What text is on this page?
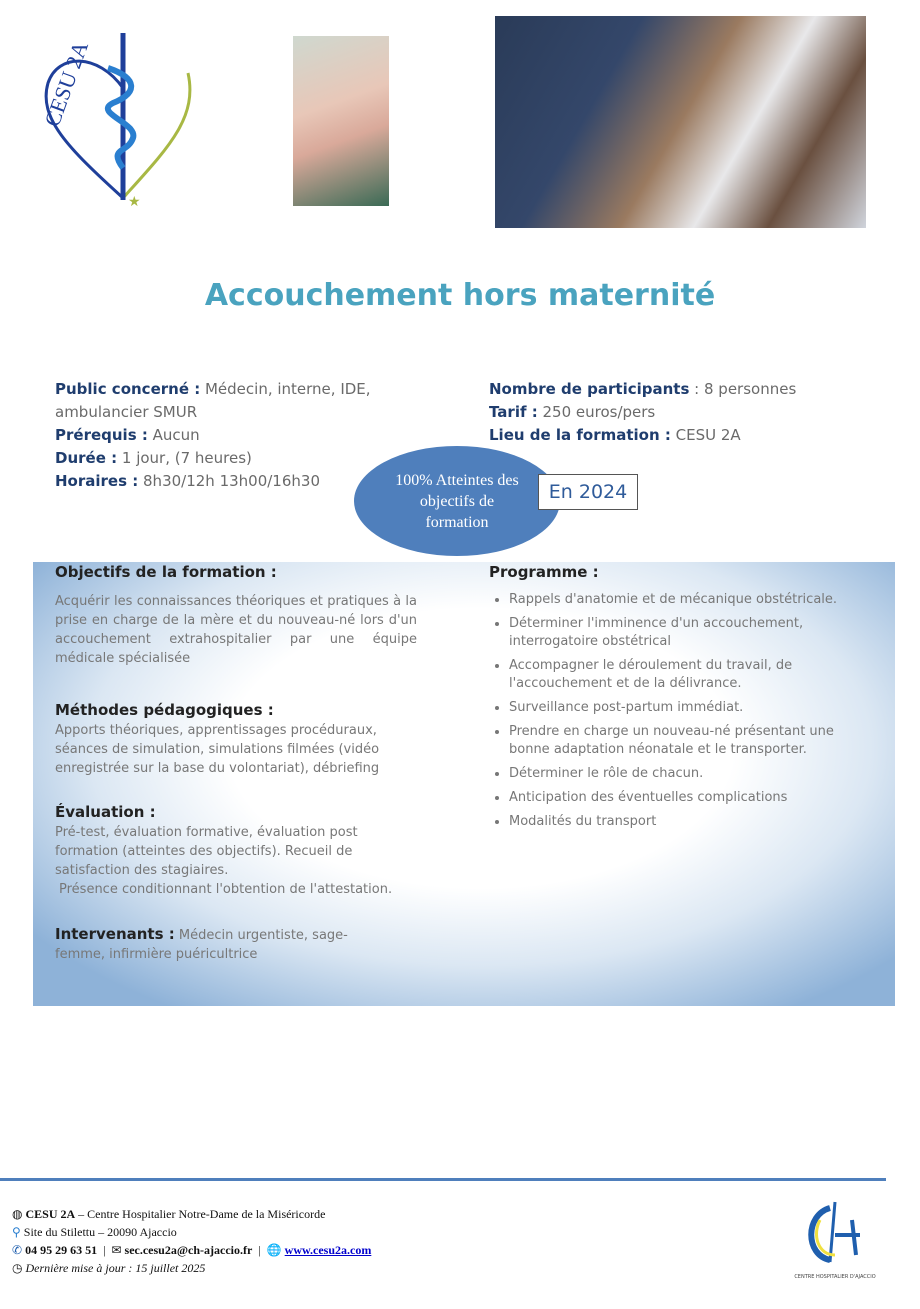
CESU 2A
★
Accouchement hors maternité
Public concerné : Médecin, interne, IDE, ambulancier SMUR
Prérequis : Aucun
Durée : 1 jour, (7 heures)
Horaires : 8h30/12h 13h00/16h30
Nombre de participants : 8 personnes
Tarif : 250 euros/pers
Lieu de la formation : CESU 2A
100% Atteintes des objectifs de formation
En 2024
Objectifs de la formation :
Acquérir les connaissances théoriques et pratiques à la prise en charge de la mère et du nouveau-né lors d'un accouchement extrahospitalier par une équipe médicale spécialisée
Méthodes pédagogiques :
Apports théoriques, apprentissages procéduraux, séances de simulation, simulations filmées (vidéo enregistrée sur la base du volontariat), débriefing
Évaluation :
Pré-test, évaluation formative, évaluation post formation (atteintes des objectifs). Recueil de satisfaction des stagiaires.
Présence conditionnant l'obtention de l'attestation.
Intervenants : Médecin urgentiste, sage-femme, infirmière puéricultrice
Programme :
• Rappels d'anatomie et de mécanique obstétricale.
• Déterminer l'imminence d'un accouchement, interrogatoire obstétrical
• Accompagner le déroulement du travail, de l'accouchement et de la délivrance.
• Surveillance post-partum immédiat.
• Prendre en charge un nouveau-né présentant une bonne adaptation néonatale et le transporter.
• Déterminer le rôle de chacun.
• Anticipation des éventuelles complications
• Modalités du transport
◍ CESU 2A – Centre Hospitalier Notre-Dame de la Miséricorde
⚲ Site du Stilettu – 20090 Ajaccio
✆ 04 95 29 63 51  |  ✉ sec.cesu2a@ch-ajaccio.fr  |  🌐 www.cesu2a.com
◷ Dernière mise à jour : 15 juillet 2025
CENTRE HOSPITALIER D'AJACCIO
